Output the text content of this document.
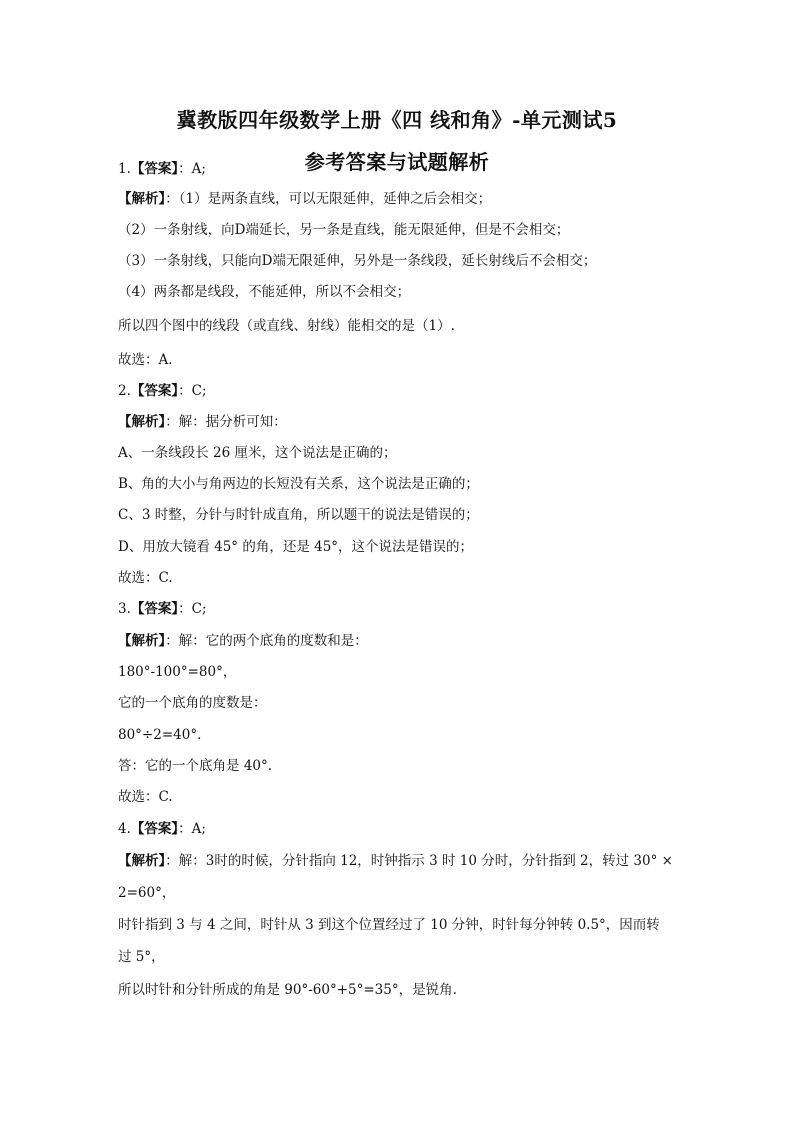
冀教版四年级数学上册《四 线和角》-单元测试5
参考答案与试题解析
1.【答案】：A;
【解析】：（1）是两条直线，可以无限延伸，延伸之后会相交；
（2）一条射线，向D端延长，另一条是直线，能无限延伸，但是不会相交；
（3）一条射线，只能向D端无限延伸，另外是一条线段，延长射线后不会相交；
（4）两条都是线段，不能延伸，所以不会相交；
所以四个图中的线段（或直线、射线）能相交的是（1）.
故选：A.
2.【答案】：C;
【解析】：解：据分析可知：
A、一条线段长 26 厘米，这个说法是正确的；
B、角的大小与角两边的长短没有关系，这个说法是正确的；
C、3 时整，分针与时针成直角，所以题干的说法是错误的；
D、用放大镜看 45° 的角，还是 45°，这个说法是错误的；
故选：C.
3.【答案】：C;
【解析】：解：它的两个底角的度数和是：
180°-100°=80°，
它的一个底角的度数是：
80°÷2=40°.
答：它的一个底角是 40°.
故选：C.
4.【答案】：A;
【解析】：解：3时的时候，分针指向 12，时钟指示 3 时 10 分时，分针指到 2，转过 30° ×
2=60°，
时针指到 3 与 4 之间，时针从 3 到这个位置经过了 10 分钟，时针每分钟转 0.5°，因而转
过 5°，
所以时针和分针所成的角是 90°-60°+5°=35°，是锐角.
